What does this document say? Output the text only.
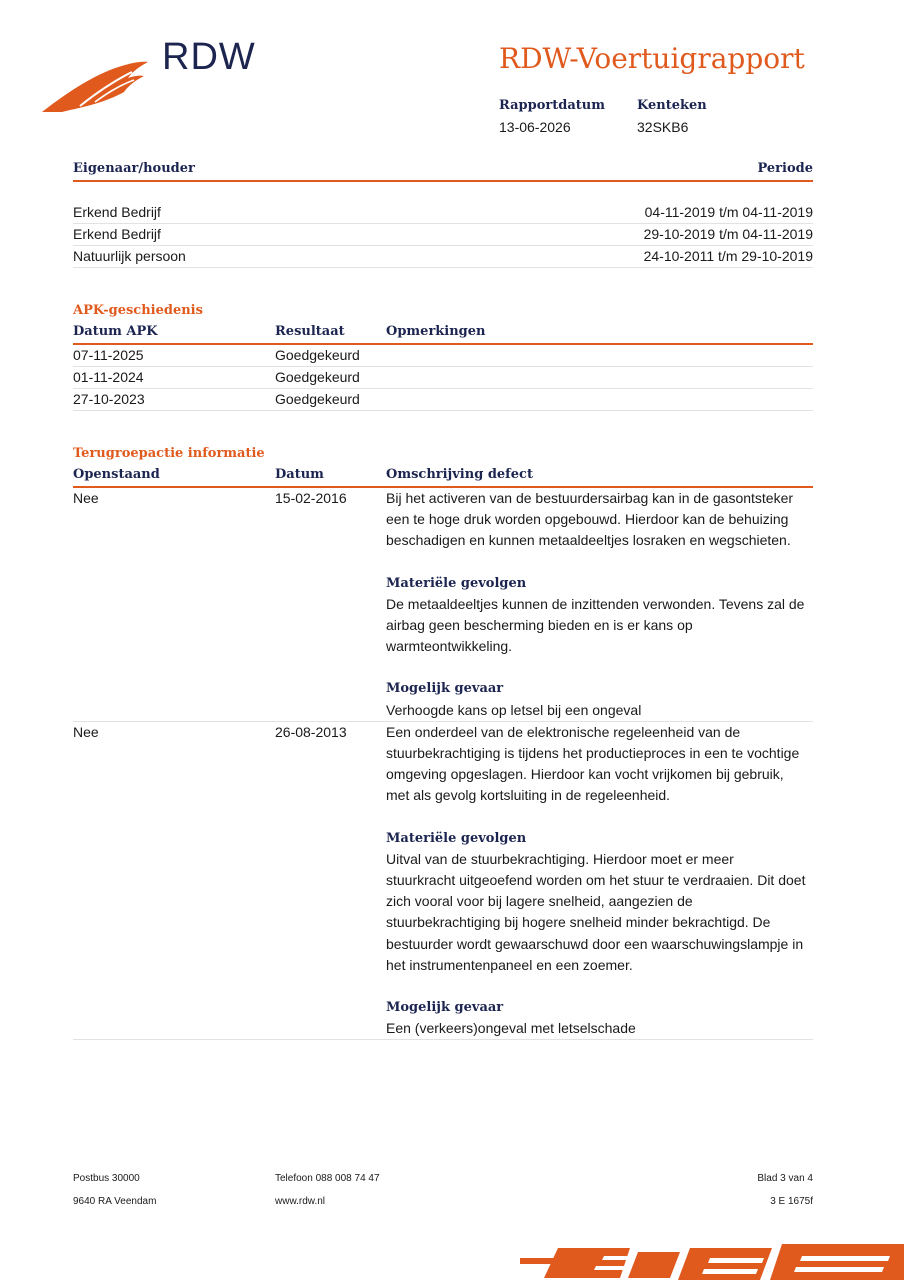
RDW	RDW-Voertuigrapport
Rapportdatum
13-06-2026
Kenteken
32SKB6
Eigenaar/houder	Periode
Erkend Bedrijf	04-11-2019 t/m 04-11-2019
Erkend Bedrijf	29-10-2019 t/m 04-11-2019
Natuurlijk persoon	24-10-2011 t/m 29-10-2019
APK-geschiedenis
Datum APK	Resultaat	Opmerkingen
07-11-2025	Goedgekeurd
01-11-2024	Goedgekeurd
27-10-2023	Goedgekeurd
Terugroepactie informatie
Openstaand	Datum	Omschrijving defect
Nee	15-02-2016	Bij het activeren van de bestuurdersairbag kan in de gasontsteker

een te hoge druk worden opgebouwd. Hierdoor kan de behuizing

beschadigen en kunnen metaaldeeltjes losraken en wegschieten.

Materiële gevolgen

De metaaldeeltjes kunnen de inzittenden verwonden. Tevens zal de

airbag geen bescherming bieden en is er kans op

warmteontwikkeling.

Mogelijk gevaar

Verhoogde kans op letsel bij een ongeval

Nee	26-08-2013	Een onderdeel van de elektronische regeleenheid van de

stuurbekrachtiging is tijdens het productieproces in een te vochtige

omgeving opgeslagen. Hierdoor kan vocht vrijkomen bij gebruik,

met als gevolg kortsluiting in de regeleenheid.

Materiële gevolgen

Uitval van de stuurbekrachtiging. Hierdoor moet er meer

stuurkracht uitgeoefend worden om het stuur te verdraaien. Dit doet

zich vooral voor bij lagere snelheid, aangezien de

stuurbekrachtiging bij hogere snelheid minder bekrachtigd. De

bestuurder wordt gewaarschuwd door een waarschuwingslampje in

het instrumentenpaneel en een zoemer.

Mogelijk gevaar

Een (verkeers)ongeval met letselschade

Postbus 30000
9640 RA Veendam
Telefoon 088 008 74 47
www.rdw.nl
Blad 3 van 4
3 E 1675f
